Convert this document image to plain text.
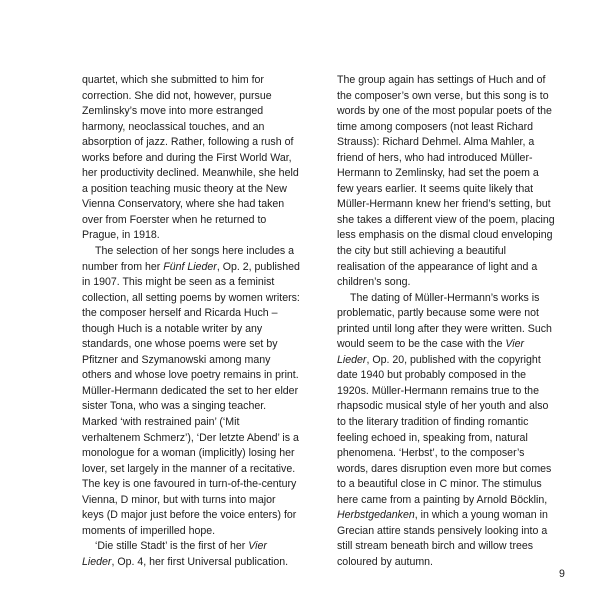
quartet, which she submitted to him for correction. She did not, however, pursue Zemlinsky’s move into more estranged harmony, neoclassical touches, and an absorption of jazz. Rather, following a rush of works before and during the First World War, her productivity declined. Meanwhile, she held a position teaching music theory at the New Vienna Conservatory, where she had taken over from Foerster when he returned to Prague, in 1918.

The selection of her songs here includes a number from her Fünf Lieder, Op. 2, published in 1907. This might be seen as a feminist collection, all setting poems by women writers: the composer herself and Ricarda Huch – though Huch is a notable writer by any standards, one whose poems were set by Pfitzner and Szymanowski among many others and whose love poetry remains in print. Müller-Hermann dedicated the set to her elder sister Tona, who was a singing teacher. Marked ‘with restrained pain’ (‘Mit verhaltenem Schmerz’), ‘Der letzte Abend’ is a monologue for a woman (implicitly) losing her lover, set largely in the manner of a recitative. The key is one favoured in turn-of-the-century Vienna, D minor, but with turns into major keys (D major just before the voice enters) for moments of imperilled hope.

‘Die stille Stadt’ is the first of her Vier Lieder, Op. 4, her first Universal publication.

The group again has settings of Huch and of the composer’s own verse, but this song is to words by one of the most popular poets of the time among composers (not least Richard Strauss): Richard Dehmel. Alma Mahler, a friend of hers, who had introduced Müller-Hermann to Zemlinsky, had set the poem a few years earlier. It seems quite likely that Müller-Hermann knew her friend’s setting, but she takes a different view of the poem, placing less emphasis on the dismal cloud enveloping the city but still achieving a beautiful realisation of the appearance of light and a children’s song.

The dating of Müller-Hermann’s works is problematic, partly because some were not printed until long after they were written. Such would seem to be the case with the Vier Lieder, Op. 20, published with the copyright date 1940 but probably composed in the 1920s. Müller-Hermann remains true to the rhapsodic musical style of her youth and also to the literary tradition of finding romantic feeling echoed in, speaking from, natural phenomena. ‘Herbst’, to the composer’s words, dares disruption even more but comes to a beautiful close in C minor. The stimulus here came from a painting by Arnold Böcklin, Herbstgedanken, in which a young woman in Grecian attire stands pensively looking into a still stream beneath birch and willow trees coloured by autumn.

9
